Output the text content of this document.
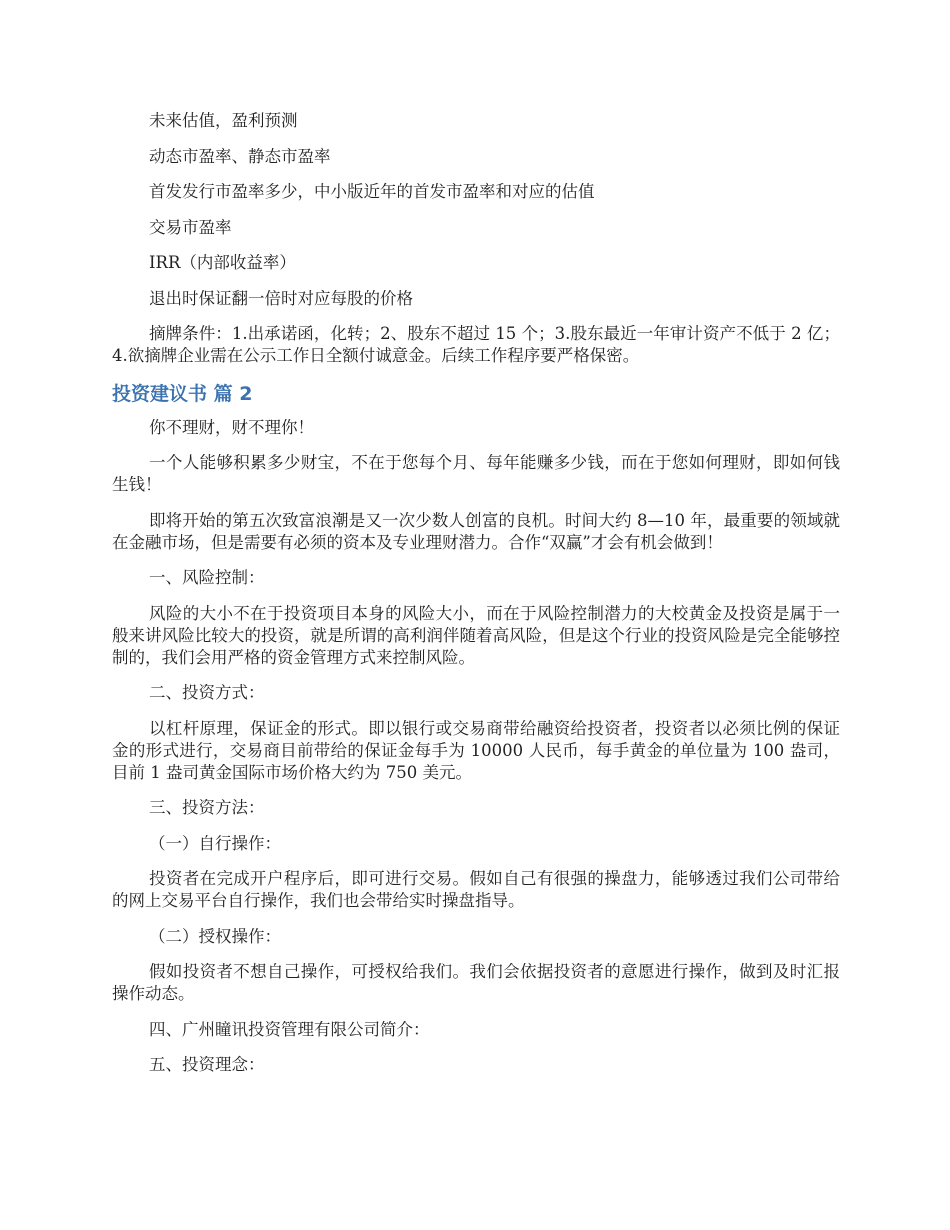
未来估值，盈利预测

动态市盈率、静态市盈率

首发发行市盈率多少，中小版近年的首发市盈率和对应的估值

交易市盈率

IRR（内部收益率）

退出时保证翻一倍时对应每股的价格

摘牌条件：1.出承诺函，化转；2、股东不超过 15 个；3.股东最近一年审计资产不低于 2 亿；4.欲摘牌企业需在公示工作日全额付诚意金。后续工作程序要严格保密。

投资建议书 篇 2

你不理财，财不理你！

一个人能够积累多少财宝，不在于您每个月、每年能赚多少钱，而在于您如何理财，即如何钱生钱！

即将开始的第五次致富浪潮是又一次少数人创富的良机。时间大约 8—10 年，最重要的领域就在金融市场，但是需要有必须的资本及专业理财潜力。合作“双赢”才会有机会做到！

一、风险控制：

风险的大小不在于投资项目本身的风险大小，而在于风险控制潜力的大校黄金及投资是属于一般来讲风险比较大的投资，就是所谓的高利润伴随着高风险，但是这个行业的投资风险是完全能够控制的，我们会用严格的资金管理方式来控制风险。

二、投资方式：

以杠杆原理，保证金的形式。即以银行或交易商带给融资给投资者，投资者以必须比例的保证金的形式进行，交易商目前带给的保证金每手为 10000 人民币，每手黄金的单位量为 100 盎司，目前 1 盎司黄金国际市场价格大约为 750 美元。

三、投资方法：

（一）自行操作：

投资者在完成开户程序后，即可进行交易。假如自己有很强的操盘力，能够透过我们公司带给的网上交易平台自行操作，我们也会带给实时操盘指导。

（二）授权操作：

假如投资者不想自己操作，可授权给我们。我们会依据投资者的意愿进行操作，做到及时汇报操作动态。

四、广州瞳讯投资管理有限公司简介：

五、投资理念：
